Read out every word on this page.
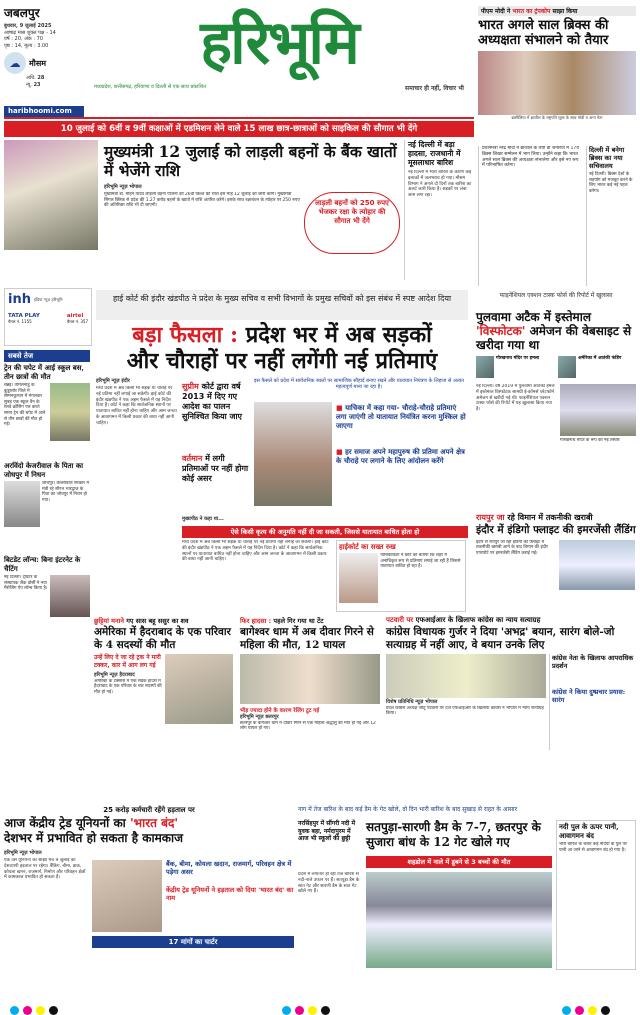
जबलपुर
बुधवार, 9 जुलाई 2025
आषाढ़ मास शुक्ल पक्ष - 14
वर्ष : 20, अंक : 70
पृष्ठ : 14, मूल्य : 3.00
☁	मौसम
अधि. 28
न्यू. 23
हरिभूमि
मध्यप्रदेश, छत्तीसगढ़, हरियाणा व दिल्ली से एक साथ प्रकाशित	समाचार ही नहीं, विचार भी
पीएम मोदी ने भारत का ट्रंपकोप साझा किया
भारत अगले साल ब्रिक्स की अध्यक्षता संभालने को तैयार
ब्रासीलिया में ब्राजील के राष्ट्रपति लूला के साथ मोदी व अन्य नेता
haribhoomi.com
10 जुलाई को 6वीं व 9वीं कक्षाओं में एडमिशन लेने वाले 15 लाख छात्र-छात्राओं को साइकिल की सौगात भी देंगे
मुख्यमंत्री 12 जुलाई को लाड़ली बहनों के बैंक खातों में भेजेंगे राशि
हरिभूमि न्यूज़ भोपाल
मुख्यमंत्री डॉ. मोहन यादव लाड़ली बहना योजना की 26वीं किश्त की राशि इस माह 12 जुलाई को जारी करेंगे। मुख्यमंत्री सिंगल क्लिक से प्रदेश की 1.27 करोड़ बहनों के खातों में राशि अंतरित करेंगे। इसके साथ रक्षाबंधन के त्योहार पर 250 रुपए की अतिरिक्त राशि भी दी जाएगी।	लाड़ली बहनों को 250 रुपए भेजकर रक्षा के त्योहार की सौगात भी देंगे
नई दिल्ली में बड़ा हादसा, राजधानी में मूसलाधार बारिश
नई दिल्ली में भारी बारिश के कारण कई इलाकों में जलभराव हो गया। मौसम विभाग ने अगले दो दिनों तक बारिश का अलर्ट जारी किया है। सड़कों पर लंबा जाम लगा रहा।
प्रधानमंत्री नरेंद्र मोदी ने ब्राजील के रियो डी जेनेरियो में 17वें ब्रिक्स शिखर सम्मेलन में भाग लिया। उन्होंने कहा कि भारत अगले साल ब्रिक्स की अध्यक्षता संभालेगा और इसे नए रूप में परिभाषित करेगा।
दिल्ली में बनेगा ब्रिक्स का नया सचिवालय
नई दिल्ली। ब्रिक्स देशों के सहयोग को मजबूत करने के लिए भारत कई नई पहल करेगा।
inh इंडिया न्यूज़ हरिभूमि
TATA PLAY
चैनल नं. 1155
airtel
चैनल नं. 357
हाई कोर्ट की इंदौर खंडपीठ ने प्रदेश के मुख्य सचिव व सभी विभागों के प्रमुख सचिवों को इस संबंध में स्पष्ट आदेश दिया
बड़ा फैसला : प्रदेश भर में अब सड़कों
और चौराहों पर नहीं लगेंगी नई प्रतिमाएं
हरिभूमि न्यूज़ इंदौर
मध्य प्रदेश में अब किसी भी सड़क या चौराहे पर नई प्रतिमा नहीं लगाई जा सकेगी। हाई कोर्ट की इंदौर खंडपीठ ने एक अहम फैसले में यह निर्देश दिया है। कोर्ट ने कहा कि सार्वजनिक स्थानों पर यातायात बाधित नहीं होना चाहिए और आम जनता के आवागमन में किसी प्रकार की बाधा नहीं आनी चाहिए।
सुप्रीम कोर्ट द्वारा वर्ष 2013 में दिए गए आदेश का पालन सुनिश्चित किया जाए
वर्तमान में लगी प्रतिमाओं पर नहीं होगा कोई असर
इस फैसले को प्रदेश में सार्वजनिक स्थलों पर सामाजिक सौहार्द बनाए रखने और यातायात नियंत्रण के लिहाज से अत्यंत महत्वपूर्ण माना जा रहा है।
■ याचिका में कहा गया- चौराहे-चौराहे प्रतिमाएं लगा जाएंगी तो यातायात नियंत्रित करना मुश्किल हो जाएगा
■ हर समाज अपने महापुरुष की प्रतिमा अपने क्षेत्र के चौराहे पर लगाने के लिए आंदोलन करेंगे
मुख्यपीठ ने कहा था...
ऐसे किसी कृत्य की अनुमति नहीं दी जा सकती, जिससे यातायात बाधित होता हो
मध्य प्रदेश में अब किसी भी सड़क या चौराहे पर नई प्रतिमा नहीं लगाई जा सकेगी। हाई कोर्ट की इंदौर खंडपीठ ने एक अहम फैसले में यह निर्देश दिया है। कोर्ट ने कहा कि सार्वजनिक स्थानों पर यातायात बाधित नहीं होना चाहिए और आम जनता के आवागमन में किसी प्रकार की बाधा नहीं आनी चाहिए।
हाईकोर्ट का सख्त रुख
याचिकाकर्ता ने कोर्ट को बताया कि शहर में अनाधिकृत रूप से प्रतिमाएं लगाई जा रही हैं जिससे यातायात बाधित हो रहा है।
सबसे तेज
ट्रेन की चपेट में आई स्कूल बस, तीन छात्रों की मौत
चेन्नई। तमिलनाडु के कुड्डालोर जिले में सेम्मनकुप्पम में मंगलवार सुबह एक स्कूल वैन के रेलवे क्रॉसिंग पार करते समय ट्रेन की चपेट में आने से तीन छात्रों की मौत हो गई।
अरविंदो केजरीवाल के पिता का जोधपुर में निधन
जोधपुर। केजरीवाल सरकार में मंत्री रहे सौरभ भारद्वाज के पिता का जोधपुर में निधन हो गया।
बिटडेट लॉन्च: बिना इंटरनेट के चैटिंग
नई दिल्ली। ट्विटर के संस्थापक जैक डोर्सी ने नया मैसेजिंग ऐप लॉन्च किया है।
फाइनेंशियल एक्शन टास्क फोर्स की रिपोर्ट में खुलासा
पुलवामा अटैक में इस्तेमाल 'विस्फोटक' अमेजन की वेबसाइट से खरीदा गया था
गोरखनाथ मंदिर पर हमला	अमेरिका में आतंकी फंडिंग
नई दिल्ली। वर्ष 2019 में पुलवामा आतंकी हमले में इस्तेमाल विस्फोटक सामग्री ई-कॉमर्स प्लेटफॉर्म अमेजन से खरीदी गई थी। फाइनेंशियल एक्शन टास्क फोर्स की रिपोर्ट में यह खुलासा किया गया है।
गोरखनाथ मंदिर के रूप की नई तस्वीर
रायपुर जा रहे विमान में तकनीकी खराबी
इंदौर में इंडिगो फ्लाइट की इमरजेंसी लैंडिंग
इंदौर से रायपुर जा रही इंडिगो की फ्लाइट में तकनीकी खराबी आने के बाद विमान की इंदौर एयरपोर्ट पर इमरजेंसी लैंडिंग कराई गई।
छुट्टियां मनाने गए सास बहू ससुर का शव
अमेरिका में हैदराबाद के एक परिवार के 4 सदस्यों की मौत
उन्हें लिए दे जा रहे ट्रक ने मारी टक्कर, कार में आग लग गई
हरिभूमि न्यूज़ हैदराबाद
अमेरिका के टेक्सास में एक सड़क हादसे में हैदराबाद के एक परिवार के चार सदस्यों की मौत हो गई।
फिर हादसा : पहले गिर गया था टेंट
बागेश्वर धाम में अब दीवार गिरने से महिला की मौत, 12 घायल
भीड़ ज्यादा होने के कारण रेलिंग टूट गई
हरिभूमि न्यूज़ छतरपुर
छतरपुर के बागेश्वर धाम में दीवार गिरने से एक महिला श्रद्धालु की मौत हो गई और 12 लोग घायल हो गए।
पटवारी पर एफआईआर के खिलाफ कांग्रेस का न्याय सत्याग्रह
कांग्रेस विधायक गुर्जर ने दिया 'अभद्र' बयान, सारंग बोले-जो सत्याग्रह में नहीं आए, वे बयान उनके लिए
विशेष प्रतिनिधि न्यूज़ भोपाल
प्रदेश कांग्रेस अध्यक्ष जीतू पटवारी पर दर्ज एफआईआर के खिलाफ कांग्रेस ने भोपाल में न्याय सत्याग्रह किया।
कांग्रेस नेता के खिलाफ आपराधिक प्रदर्शन
कांग्रेस ने किया दुष्प्रचार प्रयास: सारंग
25 करोड़ कर्मचारी रहेंगे हड़ताल पर
आज केंद्रीय ट्रेड यूनियनों का 'भारत बंद'
देशभर में प्रभावित हो सकता है कामकाज
हरिभूमि न्यूज़ भोपाल
एक दस यूनियनों का साझा मंच 9 जुलाई को देशव्यापी हड़ताल पर रहेगा। बैंकिंग, बीमा, डाक, कोयला खनन, राजमार्ग, निर्माण और परिवहन क्षेत्रों में कामकाज प्रभावित हो सकता है।
बैंक, बीमा, कोयला खदान, राजमार्ग, परिवहन क्षेत्र में पड़ेगा असर
केंद्रीय ट्रेड यूनियनों ने हड़ताल को दिया 'भारत बंद' का नाम
17 मांगों का चार्टर
नाग में तेज बारिश के बाद कई डैम के गेट खोले, दो दिन भारी बारिश के बाद सुखाड़ से राहत के आसार
नरसिंहपुर में सींगरी नदी में युवक बहा, नर्मदापुरम में आज भी स्कूलों की छुट्टी
सतपुड़ा-सारणी डैम के 7-7, छतरपुर के सुजारा बांध के 12 गेट खोले गए
शहडोल में नाले में डूबने से 3 बच्चों की मौत
प्रदेश में लगातार हो रही तेज बारिश से नदी-नाले उफान पर हैं। सतपुड़ा डैम के सात गेट और सारणी डैम के सात गेट खोले गए हैं।
नदी पुल के ऊपर पानी, आवागमन बंद
भारी बारिश के चलते कई नदियों के पुल पर पानी आ जाने से आवागमन बंद हो गया है।
